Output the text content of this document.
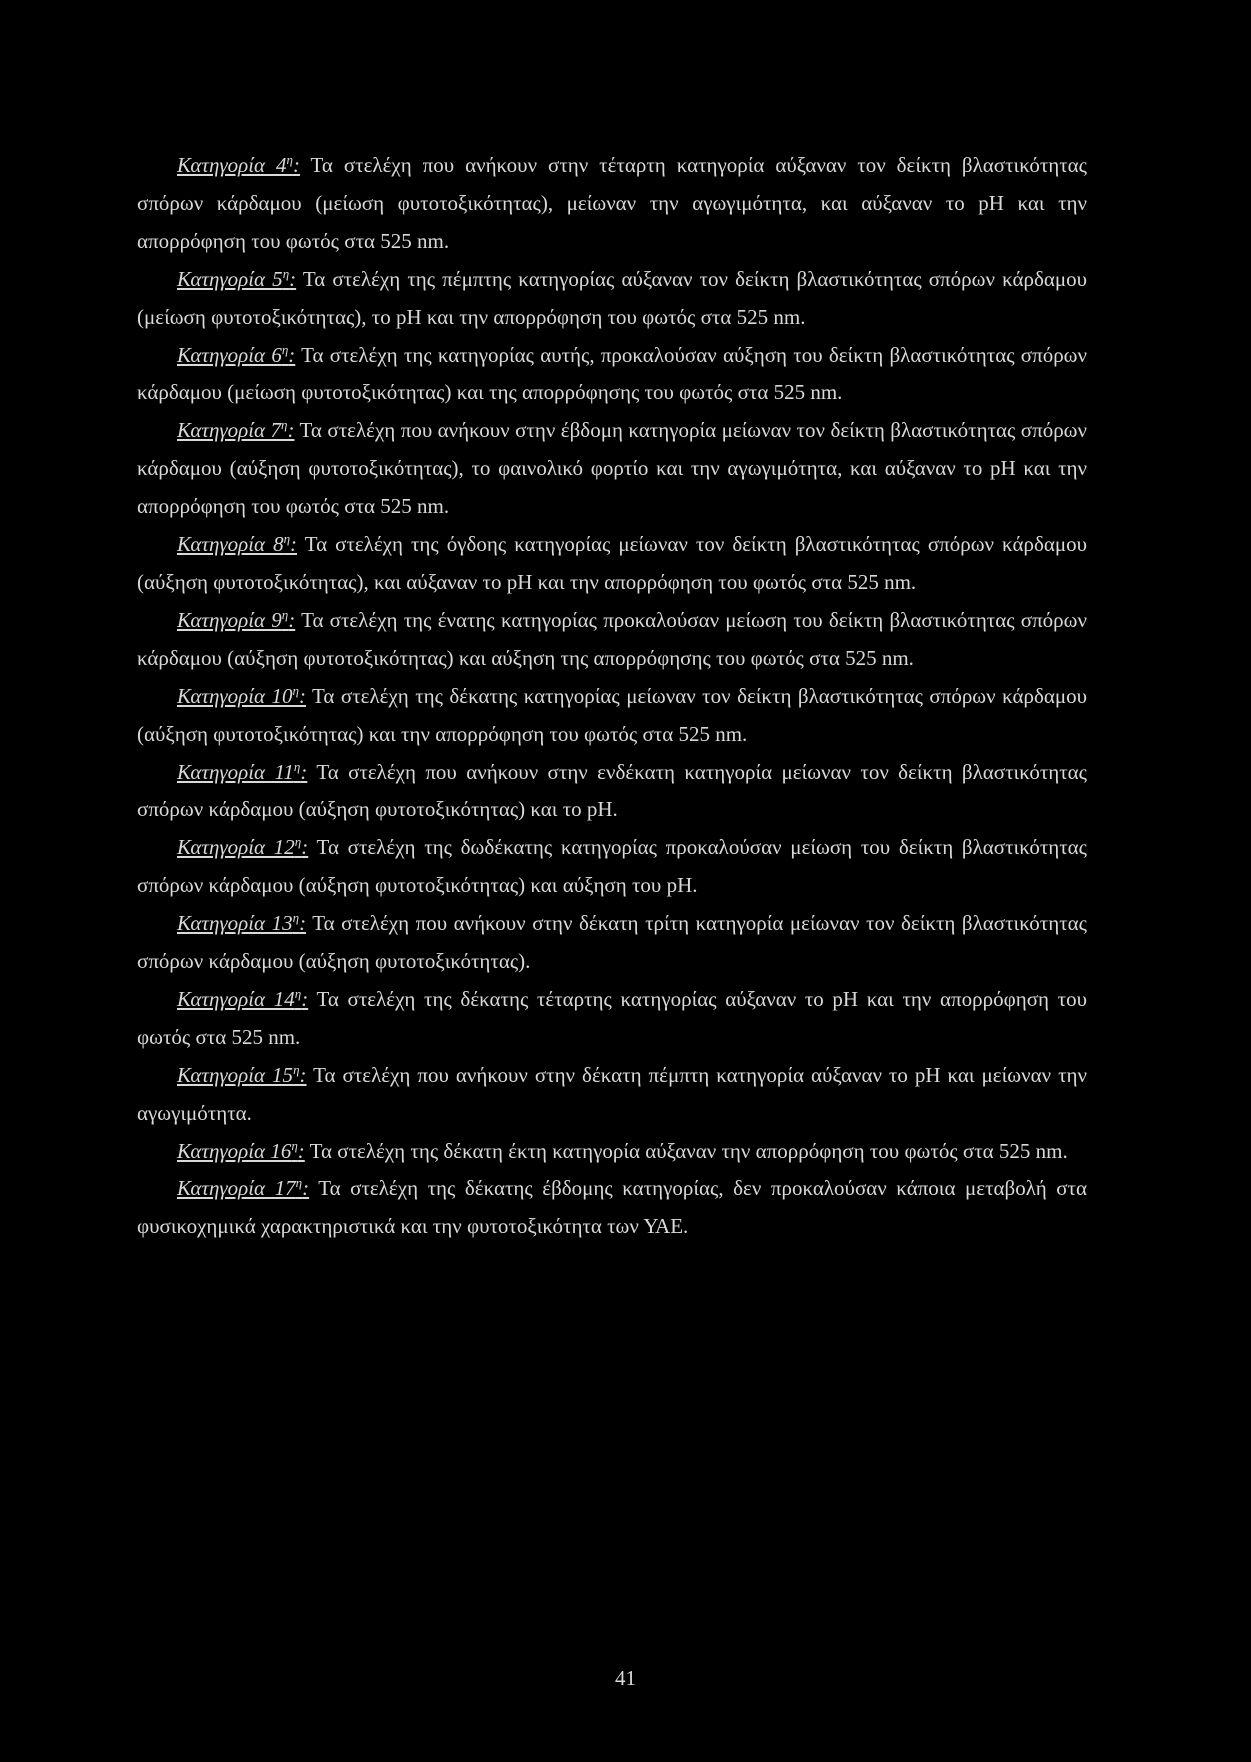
Κατηγορία $4^\eta$: Τα στελέχη που ανήκουν στην τέταρτη κατηγορία αύξαναν τον δείκτη βλαστικότητας σπόρων κάρδαμου (μείωση φυτοτοξικότητας), μείωναν την αγωγιμότητα, και αύξαναν το pH και την απορρόφηση του φωτός στα 525 nm.

Κατηγορία $5^\eta$: Τα στελέχη της πέμπτης κατηγορίας αύξαναν τον δείκτη βλαστικότητας σπόρων κάρδαμου (μείωση φυτοτοξικότητας), το pH και την απορρόφηση του φωτός στα 525 nm.

Κατηγορία $6^\eta$: Τα στελέχη της κατηγορίας αυτής, προκαλούσαν αύξηση του δείκτη βλαστικότητας σπόρων κάρδαμου (μείωση φυτοτοξικότητας) και της απορρόφησης του φωτός στα 525 nm.

Κατηγορία $7^\eta$: Τα στελέχη που ανήκουν στην έβδομη κατηγορία μείωναν τον δείκτη βλαστικότητας σπόρων κάρδαμου (αύξηση φυτοτοξικότητας), το φαινολικό φορτίο και την αγωγιμότητα, και αύξαναν το pH και την απορρόφηση του φωτός στα 525 nm.

Κατηγορία $8^\eta$: Τα στελέχη της όγδοης κατηγορίας μείωναν τον δείκτη βλαστικότητας σπόρων κάρδαμου (αύξηση φυτοτοξικότητας), και αύξαναν το pH και την απορρόφηση του φωτός στα 525 nm.

Κατηγορία $9^\eta$: Τα στελέχη της ένατης κατηγορίας προκαλούσαν μείωση του δείκτη βλαστικότητας σπόρων κάρδαμου (αύξηση φυτοτοξικότητας) και αύξηση της απορρόφησης του φωτός στα 525 nm.

Κατηγορία $10^\eta$: Τα στελέχη της δέκατης κατηγορίας μείωναν τον δείκτη βλαστικότητας σπόρων κάρδαμου (αύξηση φυτοτοξικότητας) και την απορρόφηση του φωτός στα 525 nm.

Κατηγορία $11^\eta$: Τα στελέχη που ανήκουν στην ενδέκατη κατηγορία μείωναν τον δείκτη βλαστικότητας σπόρων κάρδαμου (αύξηση φυτοτοξικότητας) και το pH.

Κατηγορία $12^\eta$: Τα στελέχη της δωδέκατης κατηγορίας προκαλούσαν μείωση του δείκτη βλαστικότητας σπόρων κάρδαμου (αύξηση φυτοτοξικότητας) και αύξηση του pH.

Κατηγορία $13^\eta$: Τα στελέχη που ανήκουν στην δέκατη τρίτη κατηγορία μείωναν τον δείκτη βλαστικότητας σπόρων κάρδαμου (αύξηση φυτοτοξικότητας).

Κατηγορία $14^\eta$: Τα στελέχη της δέκατης τέταρτης κατηγορίας αύξαναν το pH και την απορρόφηση του φωτός στα 525 nm.

Κατηγορία $15^\eta$: Τα στελέχη που ανήκουν στην δέκατη πέμπτη κατηγορία αύξαναν το pH και μείωναν την αγωγιμότητα.

Κατηγορία $16^\eta$: Τα στελέχη της δέκατη έκτη κατηγορία αύξαναν την απορρόφηση του φωτός στα 525 nm.

Κατηγορία $17^\eta$: Τα στελέχη της δέκατης έβδομης κατηγορίας, δεν προκαλούσαν κάποια μεταβολή στα φυσικοχημικά χαρακτηριστικά και την φυτοτοξικότητα των ΥΑΕ.

41
